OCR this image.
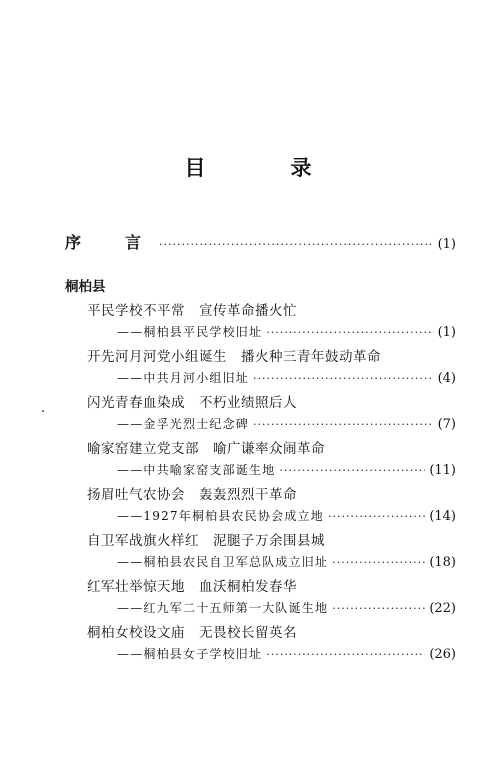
目　录
序　言 ·····	(1)
桐柏县
平民学校不平常　宣传革命播火忙
——桐柏县平民学校旧址 ·····	(1)
开先河月河党小组诞生　播火种三青年鼓动革命
——中共月河小组旧址 ·····	(4)
闪光青春血染成　不朽业绩照后人
——金孚光烈士纪念碑 ·····	(7)
喻家窑建立党支部　喻广谦率众闹革命
——中共喻家窑支部诞生地 ·····	(11)
扬眉吐气农协会　轰轰烈烈干革命
——1927年桐柏县农民协会成立地 ·····	(14)
自卫军战旗火样红　泥腿子万余围县城
——桐柏县农民自卫军总队成立旧址 ·····	(18)
红军壮举惊天地　血沃桐柏发春华
——红九军二十五师第一大队诞生地 ·····	(22)
桐柏女校设文庙　无畏校长留英名
——桐柏县女子学校旧址 ·····	(26)
